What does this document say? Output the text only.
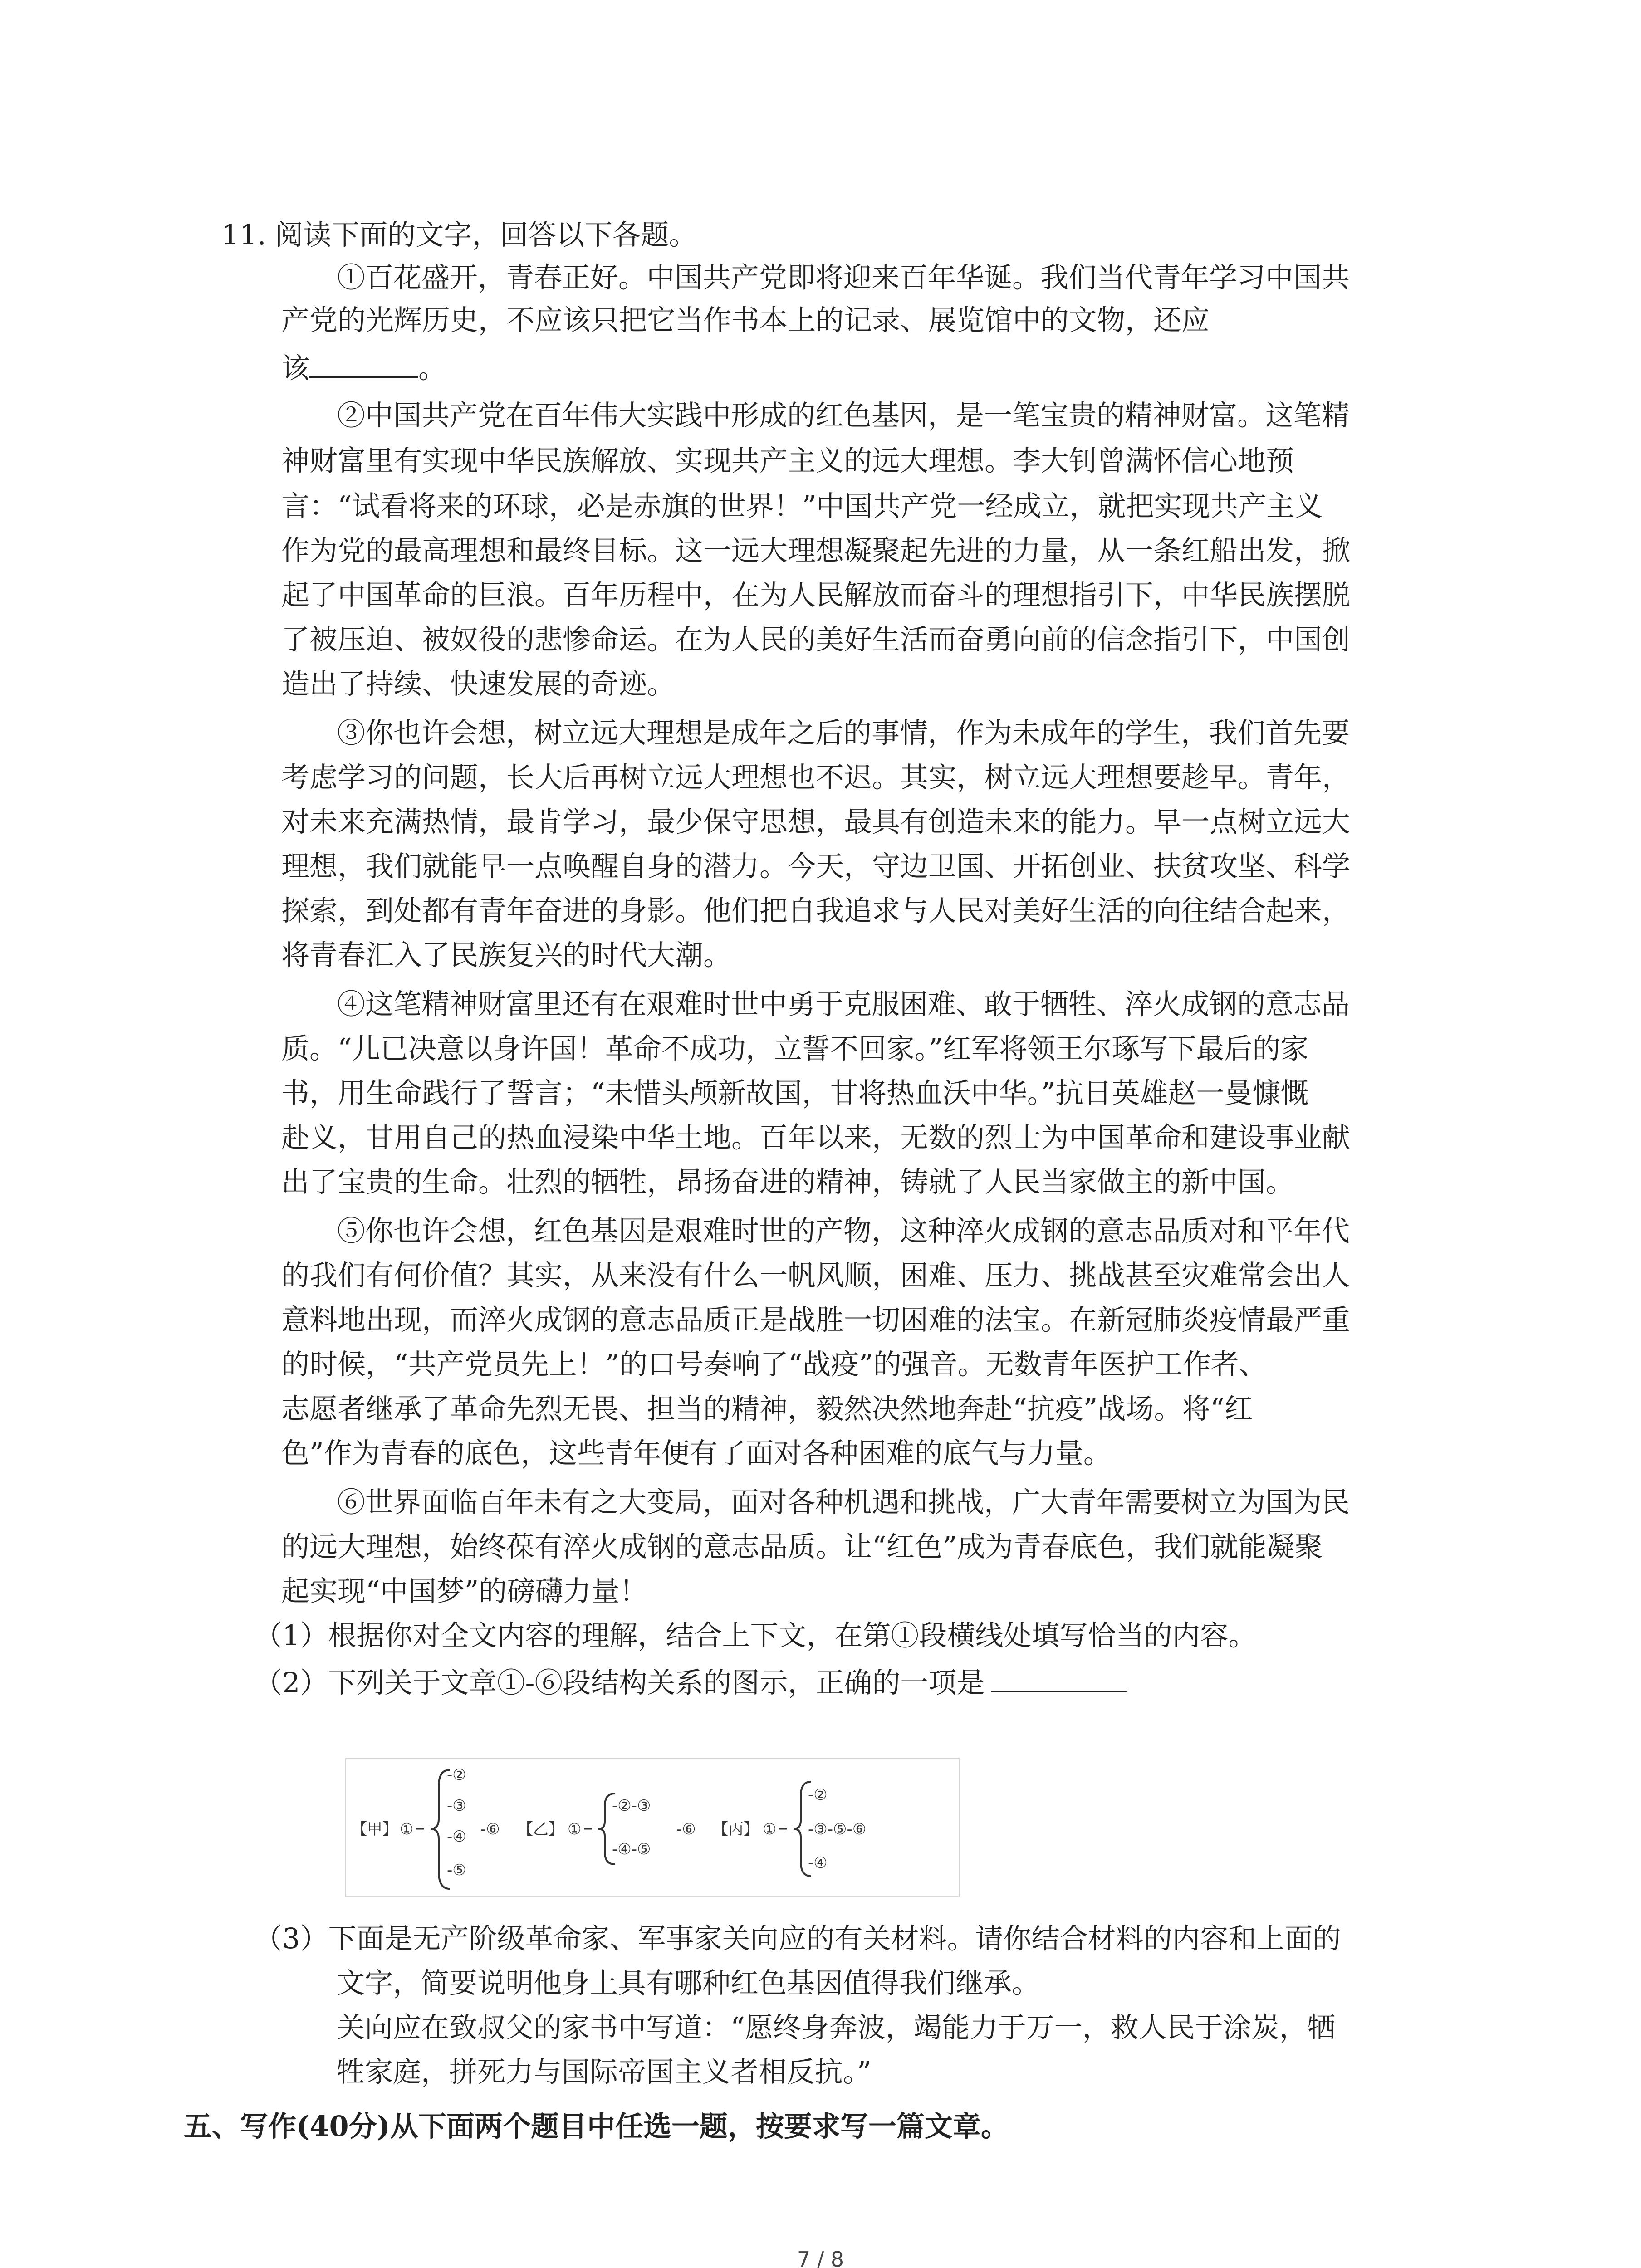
11. 阅读下面的文字，回答以下各题。
①百花盛开，青春正好。中国共产党即将迎来百年华诞。我们当代青年学习中国共
产党的光辉历史，不应该只把它当作书本上的记录、展览馆中的文物，还应
该	。
②中国共产党在百年伟大实践中形成的红色基因，是一笔宝贵的精神财富。这笔精
神财富里有实现中华民族解放、实现共产主义的远大理想。李大钊曾满怀信心地预
言：“试看将来的环球，必是赤旗的世界！”中国共产党一经成立，就把实现共产主义
作为党的最高理想和最终目标。这一远大理想凝聚起先进的力量，从一条红船出发，掀
起了中国革命的巨浪。百年历程中，在为人民解放而奋斗的理想指引下，中华民族摆脱
了被压迫、被奴役的悲惨命运。在为人民的美好生活而奋勇向前的信念指引下，中国创
造出了持续、快速发展的奇迹。
③你也许会想，树立远大理想是成年之后的事情，作为未成年的学生，我们首先要
考虑学习的问题，长大后再树立远大理想也不迟。其实，树立远大理想要趁早。青年，
对未来充满热情，最肯学习，最少保守思想，最具有创造未来的能力。早一点树立远大
理想，我们就能早一点唤醒自身的潜力。今天，守边卫国、开拓创业、扶贫攻坚、科学
探索，到处都有青年奋进的身影。他们把自我追求与人民对美好生活的向往结合起来，
将青春汇入了民族复兴的时代大潮。
④这笔精神财富里还有在艰难时世中勇于克服困难、敢于牺牲、淬火成钢的意志品
质。“儿已决意以身许国！革命不成功，立誓不回家。”红军将领王尔琢写下最后的家
书，用生命践行了誓言；“未惜头颅新故国，甘将热血沃中华。”抗日英雄赵一曼慷慨
赴义，甘用自己的热血浸染中华土地。百年以来，无数的烈士为中国革命和建设事业献
出了宝贵的生命。壮烈的牺牲，昂扬奋进的精神，铸就了人民当家做主的新中国。
⑤你也许会想，红色基因是艰难时世的产物，这种淬火成钢的意志品质对和平年代
的我们有何价值？其实，从来没有什么一帆风顺，困难、压力、挑战甚至灾难常会出人
意料地出现，而淬火成钢的意志品质正是战胜一切困难的法宝。在新冠肺炎疫情最严重
的时候，“共产党员先上！”的口号奏响了“战疫”的强音。无数青年医护工作者、
志愿者继承了革命先烈无畏、担当的精神，毅然决然地奔赴“抗疫”战场。将“红
色”作为青春的底色，这些青年便有了面对各种困难的底气与力量。
⑥世界面临百年未有之大变局，面对各种机遇和挑战，广大青年需要树立为国为民
的远大理想，始终葆有淬火成钢的意志品质。让“红色”成为青春底色，我们就能凝聚
起实现“中国梦”的磅礴力量！
（1）根据你对全文内容的理解，结合上下文，在第①段横线处填写恰当的内容。
（2）下列关于文章①-⑥段结构关系的图示，正确的一项是
【甲】 ①
-②
-③
-④
-⑤
-⑥ 【乙】 ①
-②-③
-④-⑤
-⑥ 【丙】 ①
-②
-③-⑤-⑥
-④
（3）下面是无产阶级革命家、军事家关向应的有关材料。请你结合材料的内容和上面的
文字，简要说明他身上具有哪种红色基因值得我们继承。
关向应在致叔父的家书中写道：“愿终身奔波，竭能力于万一，救人民于涂炭，牺
牲家庭，拼死力与国际帝国主义者相反抗。”
五、写作(40分)从下面两个题目中任选一题，按要求写一篇文章。
7 / 8
